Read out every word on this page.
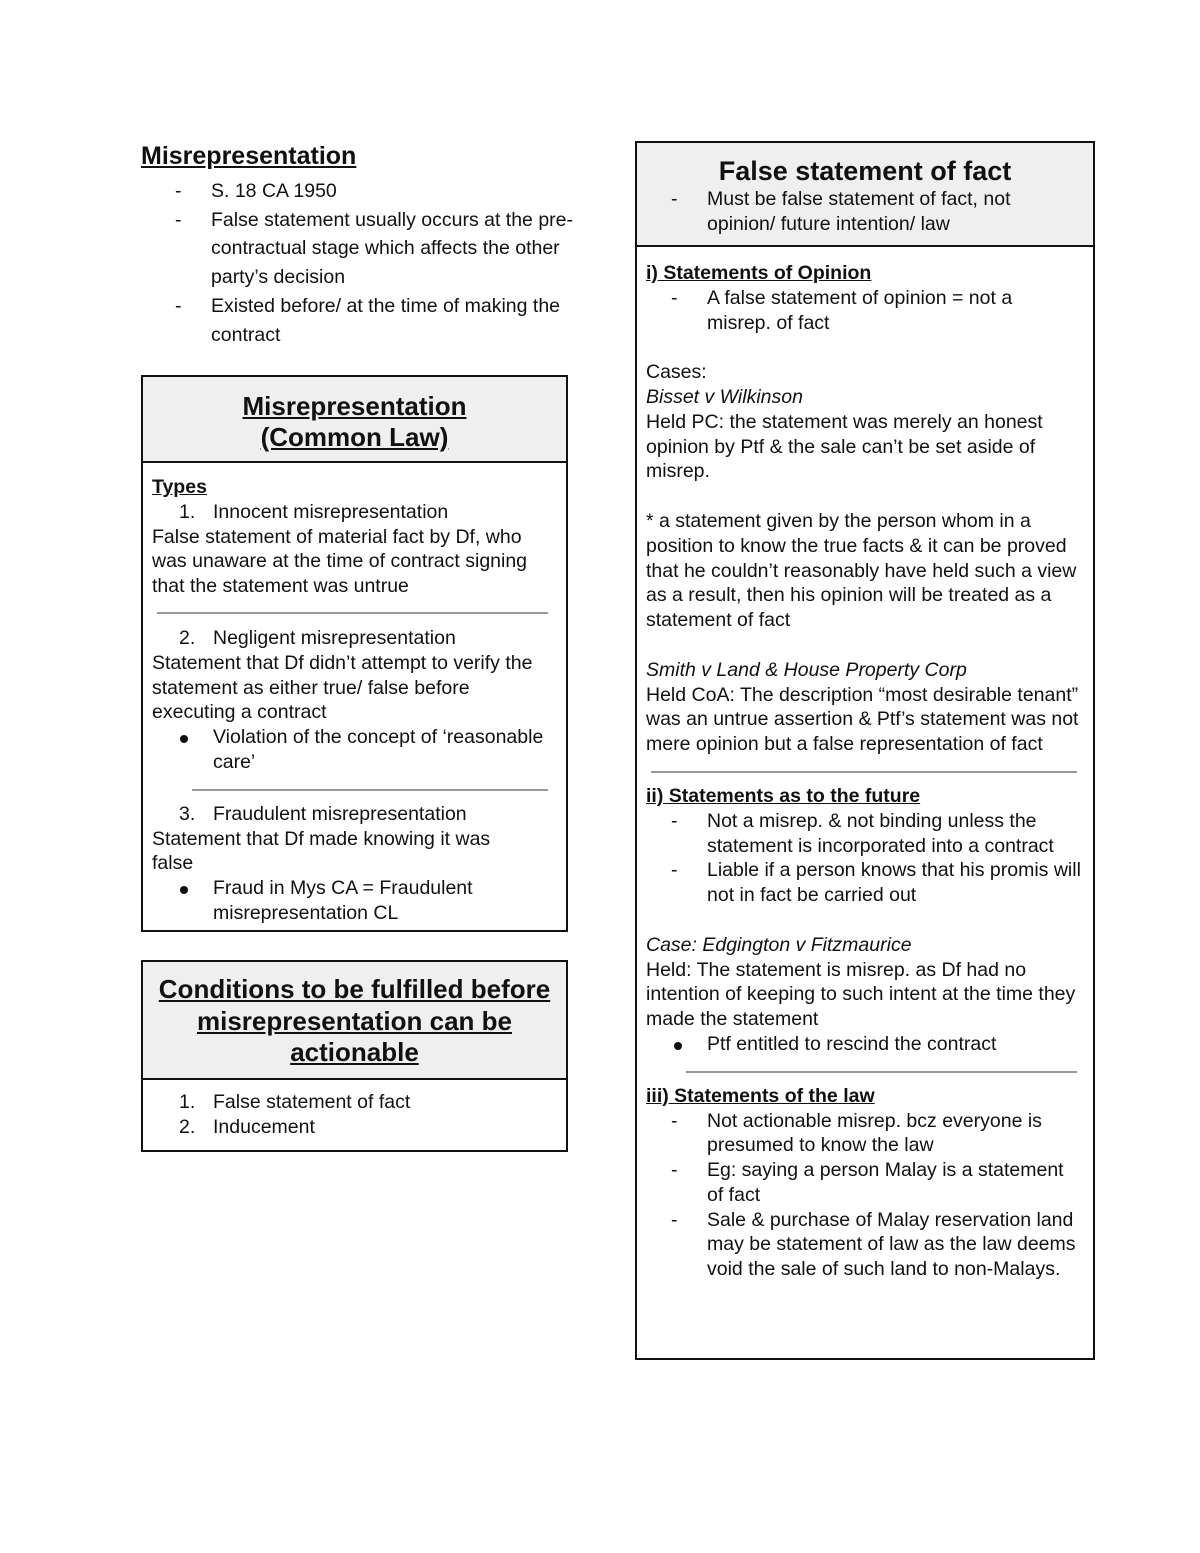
Misrepresentation
- S. 18 CA 1950
- False statement usually occurs at the pre-contractual stage which affects the other party’s decision
- Existed before/ at the time of making the contract
Misrepresentation
(Common Law)
Types
1. Innocent misrepresentation
False statement of material fact by Df, who was unaware at the time of contract signing that the statement was untrue
2. Negligent misrepresentation
Statement that Df didn’t attempt to verify the statement as either true/ false before executing a contract
Violation of the concept of ‘reasonable care’
3. Fraudulent misrepresentation
Statement that Df made knowing it was false
Fraud in Mys CA = Fraudulent misrepresentation CL
Conditions to be fulfilled before misrepresentation can be actionable
1. False statement of fact
2. Inducement
False statement of fact
- Must be false statement of fact, not opinion/ future intention/ law
i) Statements of Opinion
- A false statement of opinion = not a misrep. of fact
Cases:
Bisset v Wilkinson
Held PC: the statement was merely an honest opinion by Ptf & the sale can’t be set aside of misrep.
* a statement given by the person whom in a position to know the true facts & it can be proved that he couldn’t reasonably have held such a view as a result, then his opinion will be treated as a statement of fact
Smith v Land & House Property Corp
Held CoA: The description “most desirable tenant” was an untrue assertion & Ptf’s statement was not mere opinion but a false representation of fact
ii) Statements as to the future
- Not a misrep. & not binding unless the statement is incorporated into a contract
- Liable if a person knows that his promis will not in fact be carried out
Case: Edgington v Fitzmaurice
Held: The statement is misrep. as Df had no intention of keeping to such intent at the time they made the statement
Ptf entitled to rescind the contract
iii) Statements of the law
- Not actionable misrep. bcz everyone is presumed to know the law
- Eg: saying a person Malay is a statement of fact
- Sale & purchase of Malay reservation land may be statement of law as the law deems void the sale of such land to non-Malays.
